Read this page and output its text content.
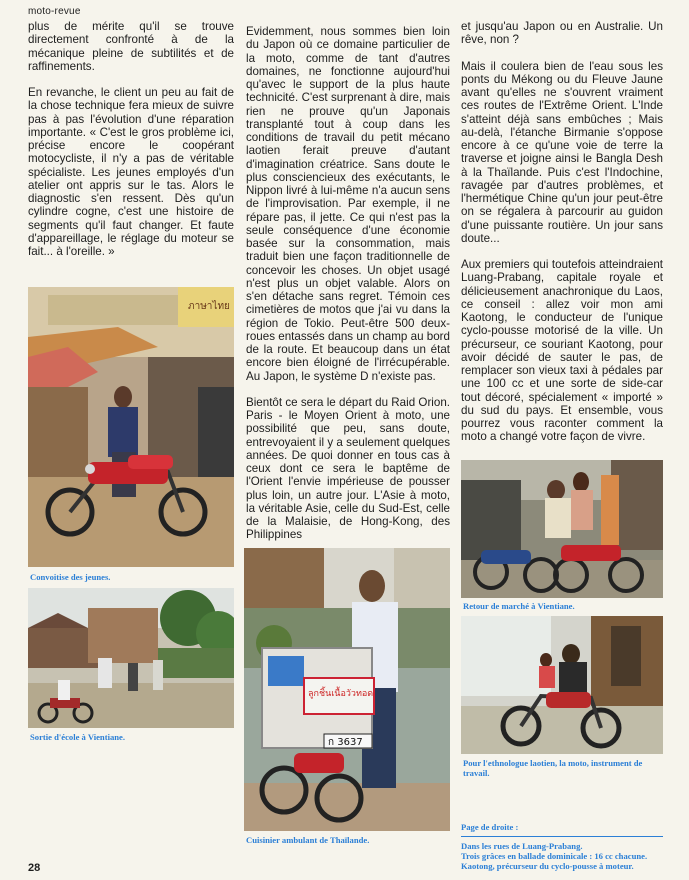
moto-revue

plus de mérite qu'il se trouve directement confronté à de la mécanique pleine de subtilités et de raffinements.

En revanche, le client un peu au fait de la chose technique fera mieux de suivre pas à pas l'évolution d'une réparation importante. « C'est le gros problème ici, précise encore le coopérant motocycliste, il n'y a pas de véritable spécialiste. Les jeunes employés d'un atelier ont appris sur le tas. Alors le diagnostic s'en ressent. Dès qu'un cylindre cogne, c'est une histoire de segments qu'il faut changer. Et faute d'appareillage, le réglage du moteur se fait... à l'oreille. »

Evidemment, nous sommes bien loin du Japon où ce domaine particulier de la moto, comme de tant d'autres domaines, ne fonctionne aujourd'hui qu'avec le support de la plus haute technicité. C'est surprenant à dire, mais rien ne prouve qu'un Japonais transplanté tout à coup dans les conditions de travail du petit mécano laotien ferait preuve d'autant d'imagination créatrice. Sans doute le plus consciencieux des exécutants, le Nippon livré à lui-même n'a aucun sens de l'improvisation. Par exemple, il ne répare pas, il jette. Ce qui n'est pas la seule conséquence d'une économie basée sur la consommation, mais traduit bien une façon traditionnelle de concevoir les choses. Un objet usagé n'est plus un objet valable. Alors on s'en détache sans regret. Témoin ces cimetières de motos que j'ai vu dans la région de Tokio. Peut-être 500 deux-roues entassés dans un champ au bord de la route. Et beaucoup dans un état encore bien éloigné de l'irrécupérable. Au Japon, le système D n'existe pas.

Bientôt ce sera le départ du Raid Orion. Paris - le Moyen Orient à moto, une possibilité que peu, sans doute, entrevoyaient il y a seulement quelques années. De quoi donner en tous cas à ceux dont ce sera le baptême de l'Orient l'envie impérieuse de pousser plus loin, un autre jour. L'Asie à moto, la véritable Asie, celle du Sud-Est, celle de la Malaisie, de Hong-Kong, des Philippines

et jusqu'au Japon ou en Australie. Un rêve, non ?

Mais il coulera bien de l'eau sous les ponts du Mékong ou du Fleuve Jaune avant qu'elles ne s'ouvrent vraiment ces routes de l'Extrême Orient. L'Inde s'atteint déjà sans embûches ; Mais au-delà, l'étanche Birmanie s'oppose encore à ce qu'une voie de terre la traverse et joigne ainsi le Bangla Desh à la Thaïlande. Puis c'est l'Indochine, ravagée par d'autres problèmes, et l'hermétique Chine qu'un jour peut-être on se régalera à parcourir au guidon d'une puissante routière. Un jour sans doute...

Aux premiers qui toutefois atteindraient Luang-Prabang, capitale royale et délicieusement anachronique du Laos, ce conseil : allez voir mon ami Kaotong, le conducteur de l'unique cyclo-pousse motorisé de la ville. Un précurseur, ce souriant Kaotong, pour avoir décidé de sauter le pas, de remplacer son vieux taxi à pédales par une 100 cc et une sorte de side-car tout décoré, spécialement « importé » du sud du pays. Et ensemble, vous pourrez vous raconter comment la moto a changé votre façon de vivre.

ภาษาไทย
Convoitise des jeunes.
Sortie d'école à Vientiane.
ลูกชิ้นเนื้อวัวทอด
ก 3637
Cuisinier ambulant de Thaïlande.
Retour de marché à Vientiane.
Pour l'ethnologue laotien, la moto, instrument de travail.
Page de droite :
Dans les rues de Luang-Prabang.
Trois grâces en ballade dominicale : 16 cc chacune.
Kaotong, précurseur du cyclo-pousse à moteur.
28
